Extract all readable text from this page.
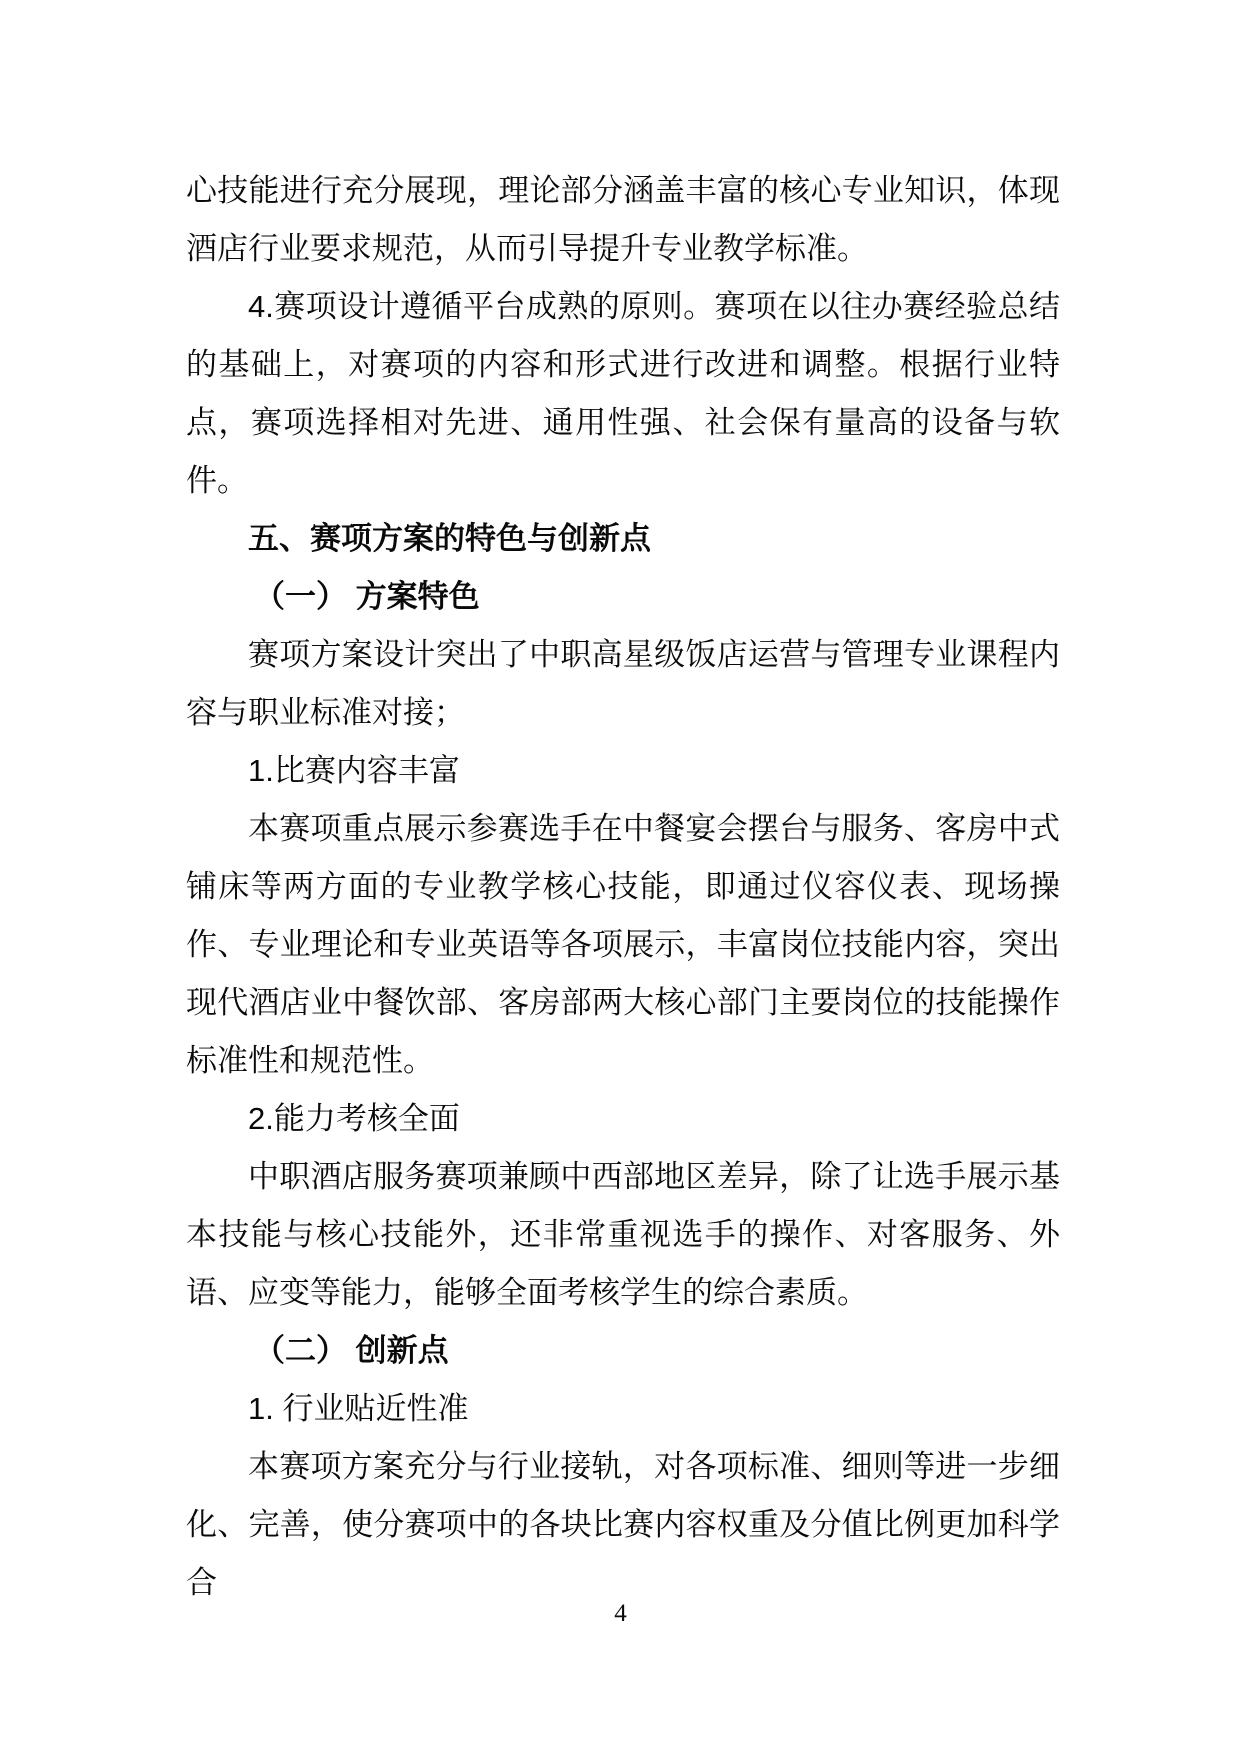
心技能进行充分展现，理论部分涵盖丰富的核心专业知识，体现酒店行业要求规范，从而引导提升专业教学标准。

4.赛项设计遵循平台成熟的原则。赛项在以往办赛经验总结的基础上，对赛项的内容和形式进行改进和调整。根据行业特点，赛项选择相对先进、通用性强、社会保有量高的设备与软件。

五、赛项方案的特色与创新点

（一） 方案特色

赛项方案设计突出了中职高星级饭店运营与管理专业课程内容与职业标准对接；

1.比赛内容丰富

本赛项重点展示参赛选手在中餐宴会摆台与服务、客房中式铺床等两方面的专业教学核心技能，即通过仪容仪表、现场操作、专业理论和专业英语等各项展示，丰富岗位技能内容，突出现代酒店业中餐饮部、客房部两大核心部门主要岗位的技能操作标准性和规范性。

2.能力考核全面

中职酒店服务赛项兼顾中西部地区差异，除了让选手展示基本技能与核心技能外，还非常重视选手的操作、对客服务、外语、应变等能力，能够全面考核学生的综合素质。

（二） 创新点

1. 行业贴近性准

本赛项方案充分与行业接轨，对各项标准、细则等进一步细化、完善，使分赛项中的各块比赛内容权重及分值比例更加科学合

4
